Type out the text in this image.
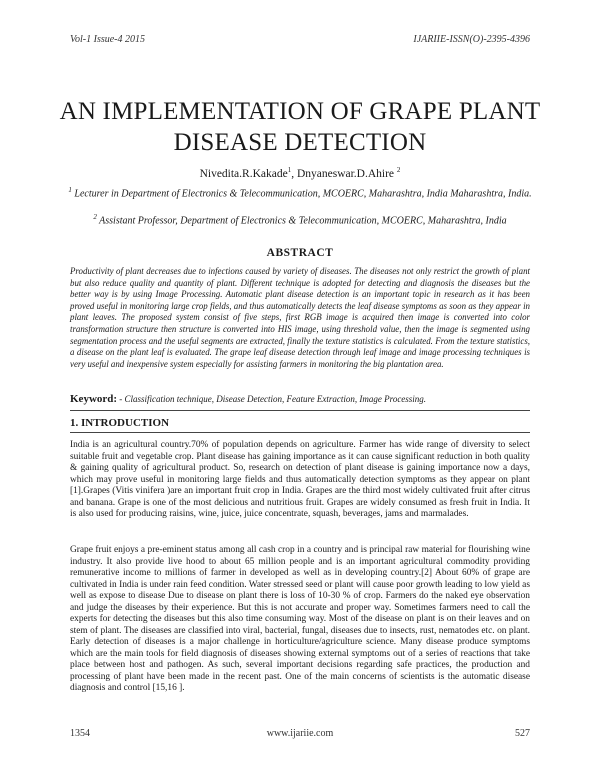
Vol-1 Issue-4 2015	IJARIIE-ISSN(O)-2395-4396
AN IMPLEMENTATION OF GRAPE PLANT
DISEASE DETECTION
Nivedita.R.Kakade$^1$, Dnyaneswar.D.Ahire $^2$
$^1$ Lecturer in Department of Electronics & Telecommunication, MCOERC, Maharashtra, India Maharashtra, India.
$^2$ Assistant Professor, Department of Electronics & Telecommunication, MCOERC, Maharashtra, India
ABSTRACT
Productivity of plant decreases due to infections caused by variety of diseases. The diseases not only restrict the growth of plant but also reduce quality and quantity of plant. Different technique is adopted for detecting and diagnosis the diseases but the better way is by using Image Processing. Automatic plant disease detection is an important topic in research as it has been proved useful in monitoring large crop fields, and thus automatically detects the leaf disease symptoms as soon as they appear in plant leaves. The proposed system consist of five steps, first RGB image is acquired then image is converted into color transformation structure then structure is converted into HIS image, using threshold value, then the image is segmented using segmentation process and the useful segments are extracted, finally the texture statistics is calculated. From the texture statistics, a disease on the plant leaf is evaluated. The grape leaf disease detection through leaf image and image processing techniques is very useful and inexpensive system especially for assisting farmers in monitoring the big plantation area.
Keyword: - Classification technique, Disease Detection, Feature Extraction, Image Processing.
1. INTRODUCTION
India is an agricultural country.70% of population depends on agriculture. Farmer has wide range of diversity to select suitable fruit and vegetable crop. Plant disease has gaining importance as it can cause significant reduction in both quality & gaining quality of agricultural product. So, research on detection of plant disease is gaining importance now a days, which may prove useful in monitoring large fields and thus automatically detection symptoms as they appear on plant [1].Grapes (Vitis vinifera )are an important fruit crop in India. Grapes are the third most widely cultivated fruit after citrus and banana. Grape is one of the most delicious and nutritious fruit. Grapes are widely consumed as fresh fruit in India. It is also used for producing raisins, wine, juice, juice concentrate, squash, beverages, jams and marmalades.
Grape fruit enjoys a pre-eminent status among all cash crop in a country and is principal raw material for flourishing wine industry. It also provide live hood to about 65 million people and is an important agricultural commodity providing remunerative income to millions of farmer in developed as well as in developing country.[2] About 60% of grape are cultivated in India is under rain feed condition. Water stressed seed or plant will cause poor growth leading to low yield as well as expose to disease Due to disease on plant there is loss of 10-30 % of crop. Farmers do the naked eye observation and judge the diseases by their experience. But this is not accurate and proper way. Sometimes farmers need to call the experts for detecting the diseases but this also time consuming way. Most of the disease on plant is on their leaves and on stem of plant. The diseases are classified into viral, bacterial, fungal, diseases due to insects, rust, nematodes etc. on plant. Early detection of diseases is a major challenge in horticulture/agriculture science. Many disease produce symptoms which are the main tools for field diagnosis of diseases showing external symptoms out of a series of reactions that take place between host and pathogen. As such, several important decisions regarding safe practices, the production and processing of plant have been made in the recent past. One of the main concerns of scientists is the automatic disease diagnosis and control [15,16 ].
1354	www.ijariie.com	527
